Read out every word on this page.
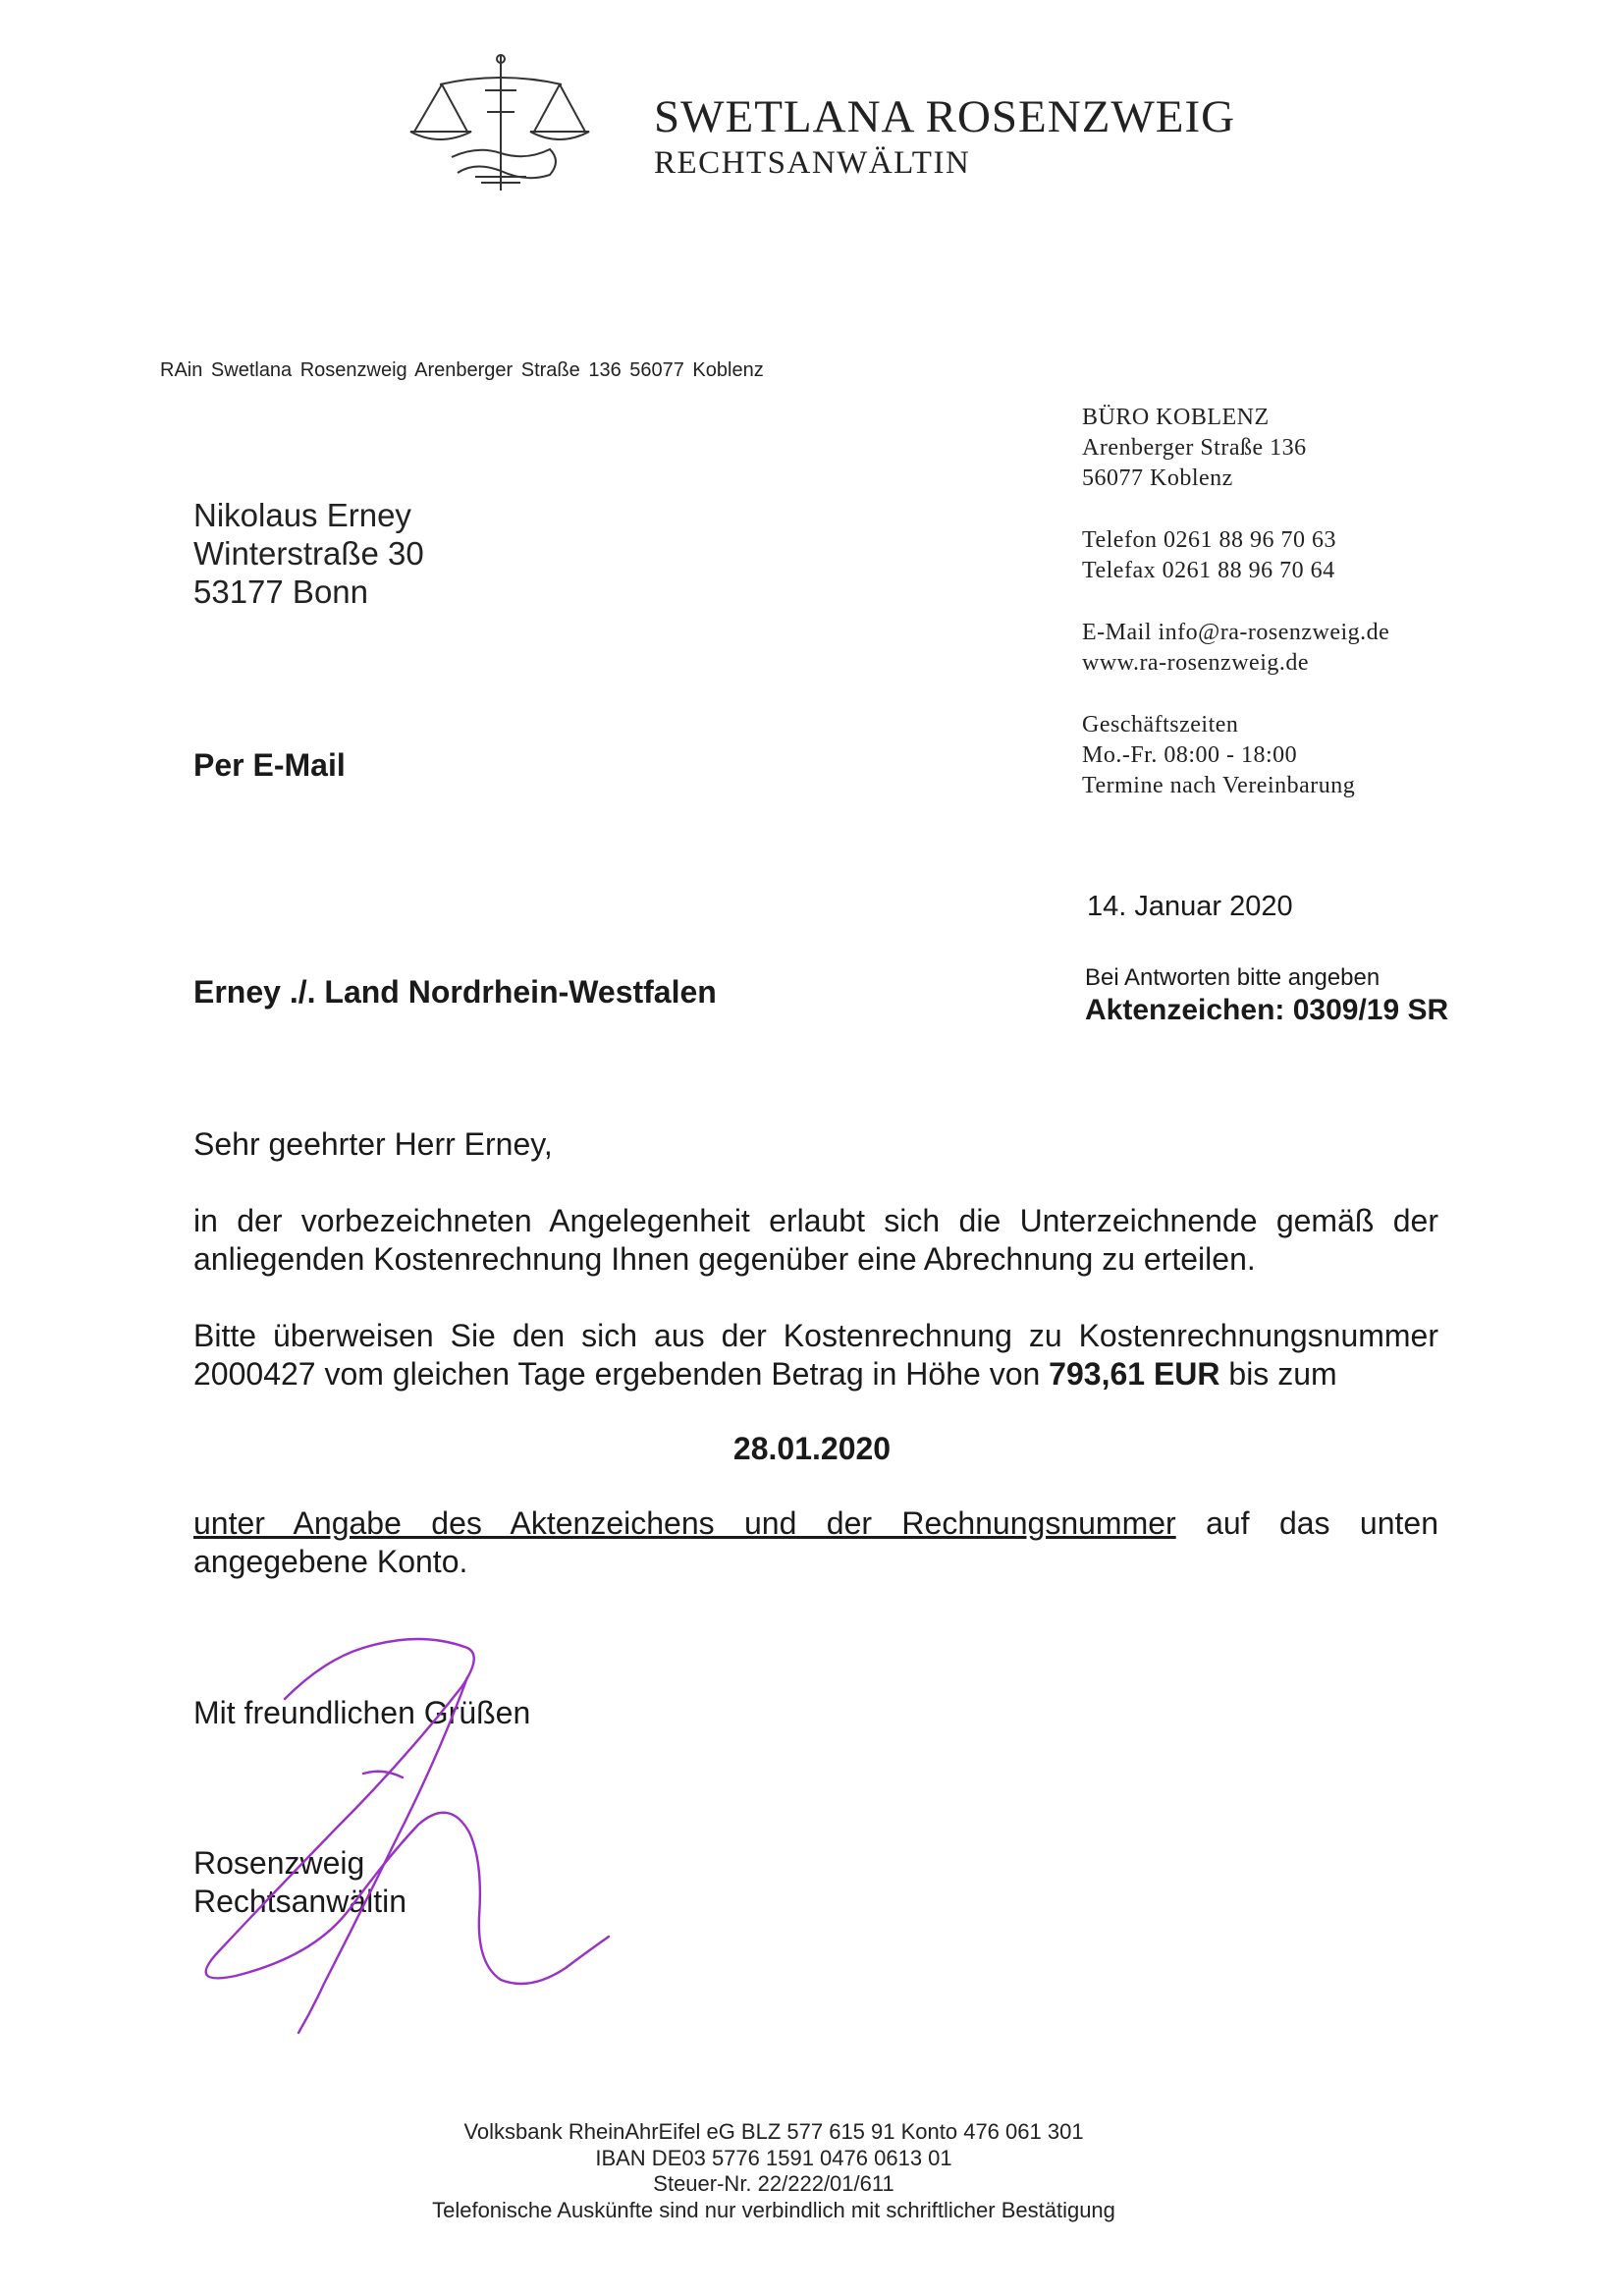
SWETLANA ROSENZWEIG
RECHTSANWÄLTIN
RAin Swetlana Rosenzweig Arenberger Straße 136 56077 Koblenz
Nikolaus Erney
Winterstraße 30
53177 Bonn
Per E-Mail
BÜRO KOBLENZ
Arenberger Straße 136
56077 Koblenz
Telefon 0261 88 96 70 63
Telefax 0261 88 96 70 64
E-Mail info@ra-rosenzweig.de
www.ra-rosenzweig.de
Geschäftszeiten
Mo.-Fr. 08:00 - 18:00
Termine nach Vereinbarung
14. Januar 2020
Erney ./. Land Nordrhein-Westfalen	Bei Antworten bitte angeben
Aktenzeichen: 0309/19 SR
Sehr geehrter Herr Erney,
in der vorbezeichneten Angelegenheit erlaubt sich die Unterzeichnende gemäß der
anliegenden Kostenrechnung Ihnen gegenüber eine Abrechnung zu erteilen.
Bitte überweisen Sie den sich aus der Kostenrechnung zu Kostenrechnungsnummer
2000427 vom gleichen Tage ergebenden Betrag in Höhe von 793,61 EUR bis zum
28.01.2020
unter Angabe des Aktenzeichens und der Rechnungsnummer auf das unten
angegebene Konto.
Mit freundlichen Grüßen
Rosenzweig
Rechtsanwältin
Volksbank RheinAhrEifel eG BLZ 577 615 91 Konto 476 061 301
IBAN DE03 5776 1591 0476 0613 01
Steuer-Nr. 22/222/01/611
Telefonische Auskünfte sind nur verbindlich mit schriftlicher Bestätigung
